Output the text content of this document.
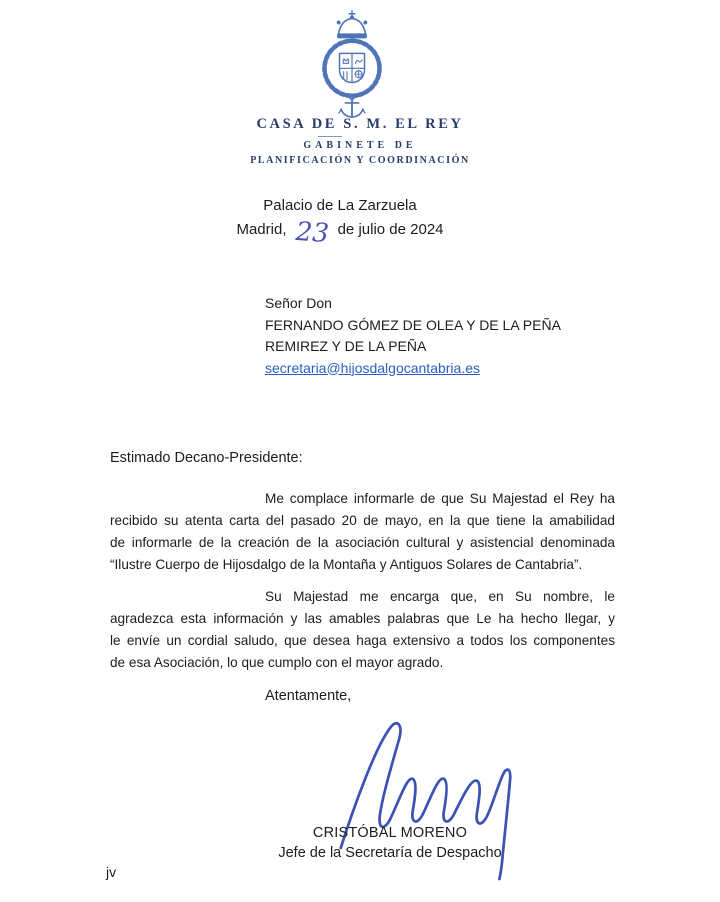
CASA DE S. M. EL REY
GABINETE DE
PLANIFICACIÓN Y COORDINACIÓN
Palacio de La Zarzuela
Madrid, 23 de julio de 2024
Señor Don
FERNANDO GÓMEZ DE OLEA Y DE LA PEÑA
REMIREZ Y DE LA PEÑA
secretaria@hijosdalgocantabria.es
Estimado Decano-Presidente:
Me complace informarle de que Su Majestad el Rey ha
recibido su atenta carta del pasado 20 de mayo, en la que tiene la amabilidad
de informarle de la creación de la asociación cultural y asistencial denominada
“Ilustre Cuerpo de Hijosdalgo de la Montaña y Antiguos Solares de Cantabria”.
Su Majestad me encarga que, en Su nombre, le
agradezca esta información y las amables palabras que Le ha hecho llegar, y
le envíe un cordial saludo, que desea haga extensivo a todos los componentes
de esa Asociación, lo que cumplo con el mayor agrado.
Atentamente,
CRISTÓBAL MORENO
Jefe de la Secretaría de Despacho
jv
